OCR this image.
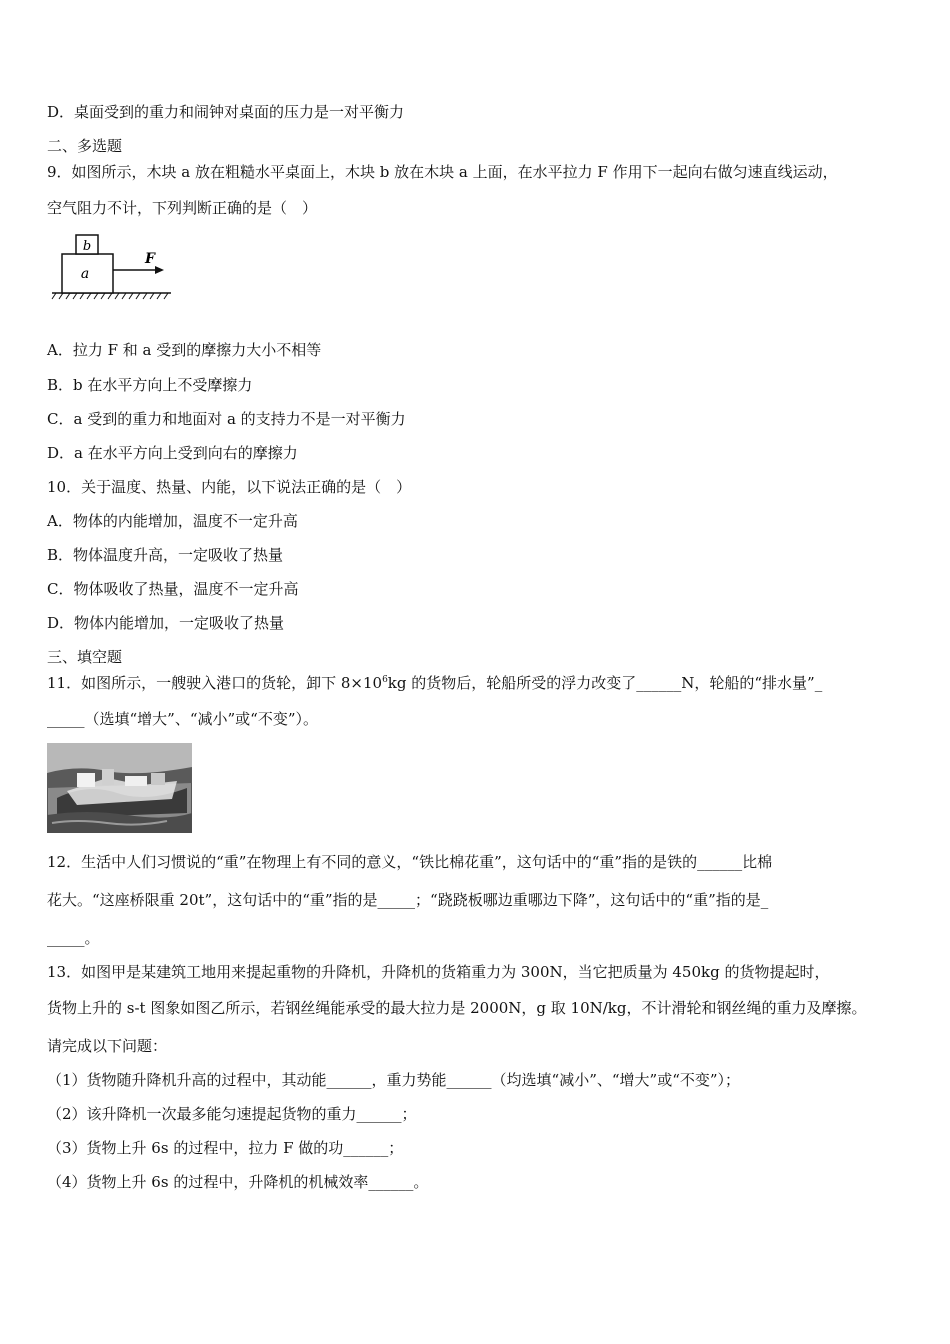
D．桌面受到的重力和闹钟对桌面的压力是一对平衡力
二、多选题
9．如图所示，木块 a 放在粗糙水平桌面上，木块 b 放在木块 a 上面，在水平拉力 F 作用下一起向右做匀速直线运动，
空气阻力不计，下列判断正确的是（　）
a
b
F
A．拉力 F 和 a 受到的摩擦力大小不相等
B．b 在水平方向上不受摩擦力
C．a 受到的重力和地面对 a 的支持力不是一对平衡力
D．a 在水平方向上受到向右的摩擦力
10．关于温度、热量、内能，以下说法正确的是（　）
A．物体的内能增加，温度不一定升高
B．物体温度升高，一定吸收了热量
C．物体吸收了热量，温度不一定升高
D．物体内能增加，一定吸收了热量
三、填空题
11．如图所示，一艘驶入港口的货轮，卸下 $8\times 10^6kg$ 的货物后，轮船所受的浮力改变了______N，轮船的“排水量”_
_____（选填“增大”、“减小”或“不变”）。
12．生活中人们习惯说的“重”在物理上有不同的意义，“铁比棉花重”，这句话中的“重”指的是铁的______比棉
花大。“这座桥限重 20t”，这句话中的“重”指的是_____；“跷跷板哪边重哪边下降”，这句话中的“重”指的是_
_____。
13．如图甲是某建筑工地用来提起重物的升降机，升降机的货箱重力为 300N，当它把质量为 450kg 的货物提起时，
货物上升的 s-t 图象如图乙所示，若钢丝绳能承受的最大拉力是 2000N，g 取 10N/kg，不计滑轮和钢丝绳的重力及摩擦。
请完成以下问题：
（1）货物随升降机升高的过程中，其动能______，重力势能______（均选填“减小”、“增大”或“不变”）；
（2）该升降机一次最多能匀速提起货物的重力______；
（3）货物上升 6s 的过程中，拉力 F 做的功______；
（4）货物上升 6s 的过程中，升降机的机械效率______。
